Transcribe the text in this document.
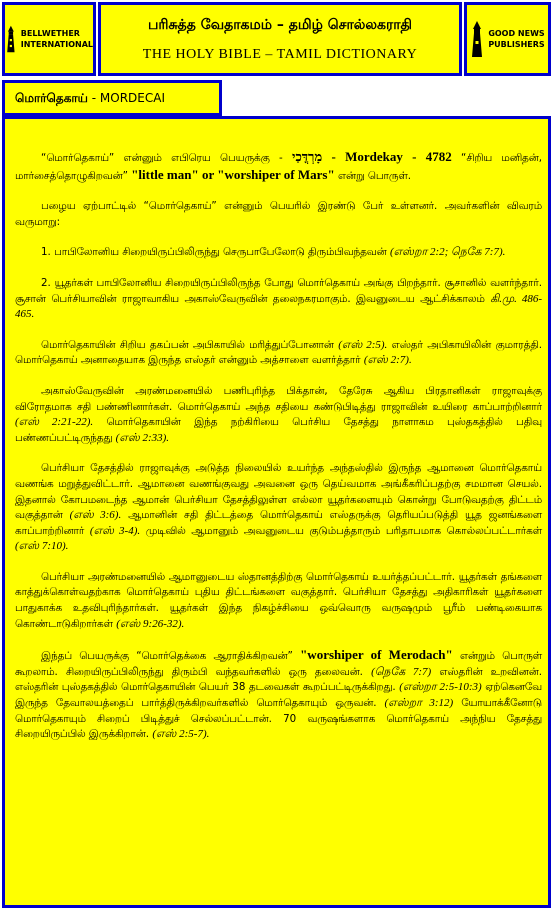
BELLWETHER
INTERNATIONAL
பரிசுத்த வேதாகமம் – தமிழ் சொல்லகராதி
THE HOLY BIBLE – TAMIL DICTIONARY
GOOD NEWS
PUBLISHERS
மொர்தெகாய் - MORDECAI

“மொர்தெகாய்” என்னும் எபிரெய பெயருக்கு - מָרְדֳּכַי - Mordekay - 4782 “சிறிய மனிதன், மார்சைத்தொழுகிறவன்” "little man" or "worshiper of Mars" என்று பொருள்.

பழைய ஏற்பாட்டில் “மொர்தெகாய்” என்னும் பெயரில் இரண்டு பேர் உள்ளனர். அவர்களின் விவரம் வருமாறு:

1. பாபிலோனிய சிறையிருப்பிலிருந்து செருபாபேலோடு திரும்பிவந்தவன் (எஸ்றா 2:2; நெகே 7:7).

2. யூதர்கள் பாபிலோனிய சிறையிருப்பிலிருந்த போது மொர்தெகாய் அங்கு பிறந்தார். சூசானில் வளர்ந்தார். சூசான் பெர்சியாவின் ராஜாவாகிய அகாஸ்வேருவின் தலைநகரமாகும். இவனுடைய ஆட்சிக்காலம் கி.மு. 486-465.

மொர்தெகாயின் சிறிய தகப்பன் அபிகாயில் மரித்துப்போனான் (எஸ் 2:5). எஸ்தர் அபிகாயிலின் குமாரத்தி. மொர்தெகாய் அனாதையாக இருந்த எஸ்தர் என்னும் அத்சாளை வளர்த்தார் (எஸ் 2:7).

அகாஸ்வேருவின் அரண்மனையில் பணிபுரிந்த பிக்தான், தேரேசு ஆகிய பிரதானிகள் ராஜாவுக்கு விரோதமாக சதி பண்ணினார்கள். மொர்தெகாய் அந்த சதியை கண்டுபிடித்து ராஜாவின் உயிரை காப்பாற்றினார் (எஸ் 2:21-22). மொர்தெகாயின் இந்த நற்கிரியை பெர்சிய தேசத்து நாளாகம புஸ்தகத்தில் பதிவு பண்ணப்பட்டிருந்தது (எஸ் 2:33).

பெர்சியா தேசத்தில் ராஜாவுக்கு அடுத்த நிலையில் உயர்ந்த அந்தஸ்தில் இருந்த ஆமானை மொர்தெகாய் வணங்க மறுத்துவிட்டார். ஆமானை வணங்குவது அவனை ஒரு தெய்வமாக அங்கீகரிப்பதற்கு சமமான செயல். இதனால் கோபமடைந்த ஆமான் பெர்சியா தேசத்திலுள்ள எல்லா யூதர்களையும் கொன்று போடுவதற்கு திட்டம் வகுத்தான் (எஸ் 3:6). ஆமானின் சதி திட்டத்தை மொர்தெகாய் எஸ்தருக்கு தெரியப்படுத்தி யூத ஜனங்களை காப்பாற்றினார் (எஸ் 3-4). முடிவில் ஆமானும் அவனுடைய குடும்பத்தாரும் பரிதாபமாக கொல்லப்பட்டார்கள் (எஸ் 7:10).

பெர்சியா அரண்மனையில் ஆமானுடைய ஸ்தானத்திற்கு மொர்தெகாய் உயர்த்தப்பட்டார். யூதர்கள் தங்களை காத்துக்கொள்வதற்காக மொர்தெகாய் புதிய திட்டங்களை வகுத்தார். பெர்சியா தேசத்து அதிகாரிகள் யூதர்களை பாதுகாக்க உதவிபுரிந்தார்கள். யூதர்கள் இந்த நிகழ்ச்சியை ஒவ்வொரு வருஷமும் பூரீம் பண்டிகையாக கொண்டாடுகிறார்கள் (எஸ் 9:26-32).

இந்தப் பெயருக்கு “மொர்தெக்கை ஆராதிக்கிறவன்” "worshiper of Merodach" என்றும் பொருள் கூறலாம். சிறையிருப்பிலிருந்து திரும்பி வந்தவர்களில் ஒரு தலைவன். (நெகே 7:7) எஸ்தரின் உறவினன். எஸ்தரின் புஸ்தகத்தில் மொர்தெகாயின் பெயர் 38 தடவைகள் கூறப்பட்டிருக்கிறது. (எஸ்றா 2:5-10:3) ஏற்கெனவே இருந்த தேவாலயத்தைப் பார்த்திருக்கிறவர்களில் மொர்தெகாயும் ஒருவன். (எஸ்றா 3:12) யோயாக்கீனோடு மொர்தெகாயும் சிறைப் பிடித்துச் செல்லப்பட்டான். 70 வருஷங்களாக மொர்தெகாய் அந்நிய தேசத்து சிறையிருப்பில் இருக்கிறான். (எஸ் 2:5-7).
